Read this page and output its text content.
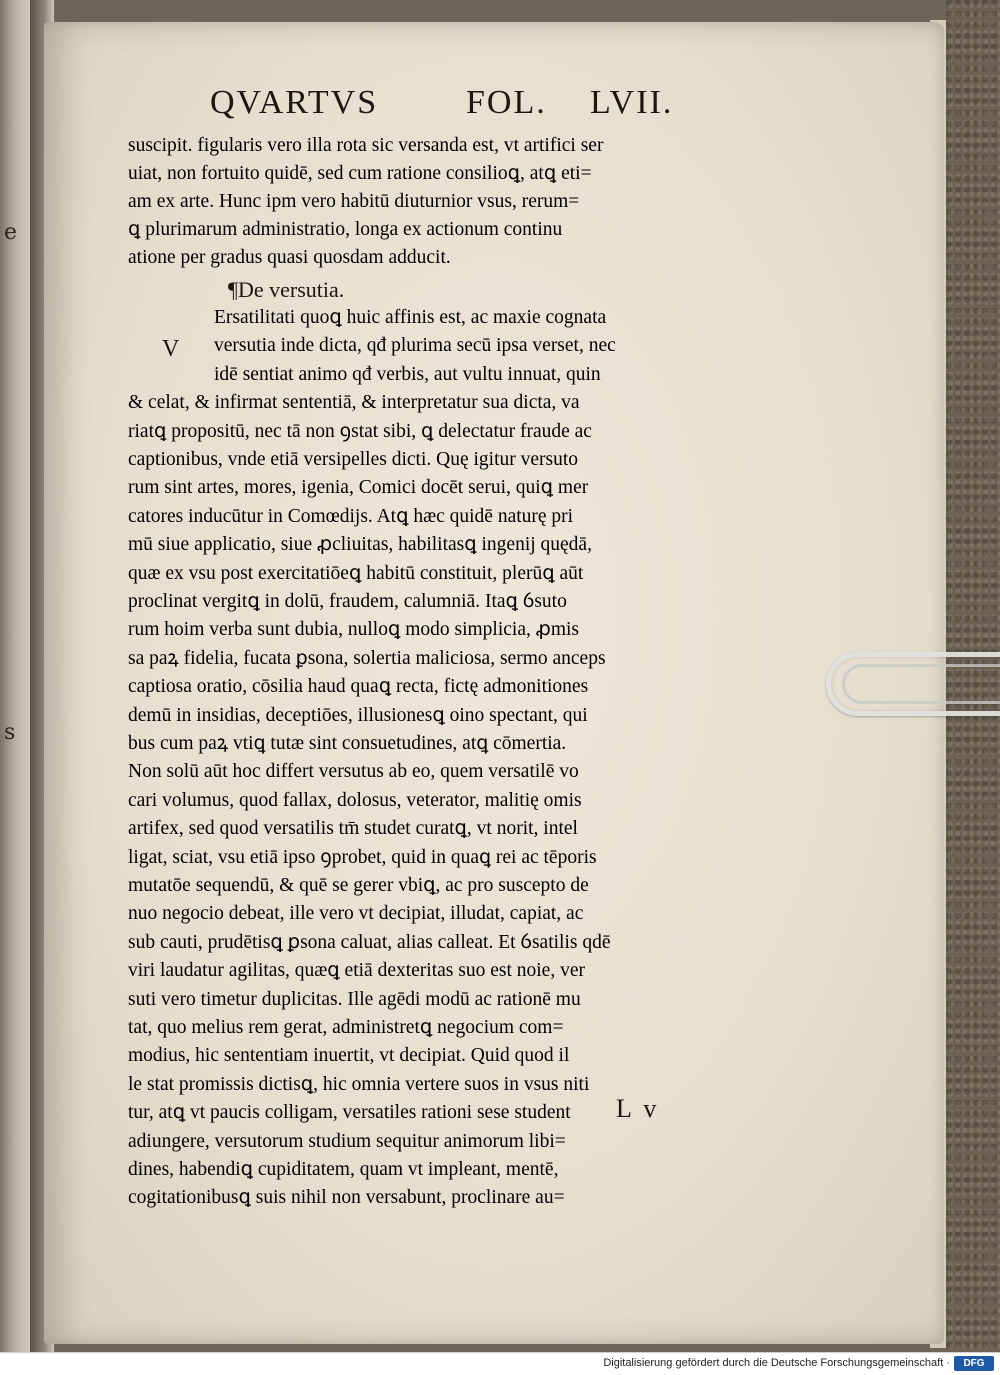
e
s
QVARTVS	FOL. LVII.
suscipit. figularis vero illa rota sic versanda est, vt artifici ser
uiat, non fortuito quidē, sed cum ratione consilioꝗ, atꝗ eti=
am ex arte. Hunc ipm vero habitū diuturnior vsus, rerum=
ꝗ plurimarum administratio, longa ex actionum continu
atione per gradus quasi quosdam adducit.
Ersatilitati quoꝗ huic affinis est, ac maxie cognata
versutia inde dicta, qđ plurima secū ipsa verset, nec
idē sentiat animo qđ verbis, aut vultu innuat, quin
& celat, & infirmat sententiā, & interpretatur sua dicta, va
riatꝗ propositū, nec tā non ꝯstat sibi, ꝗ delectatur fraude ac
captionibus, vnde etiā versipelles dicti. Quę igitur versuto
rum sint artes, mores, igenia, Comici docēt serui, quiꝗ mer
catores inducūtur in Comœdijs. Atꝗ hæc quidē naturę pri
mū siue applicatio, siue ꝓcliuitas, habilitasꝗ ingenij quędā,
quæ ex vsu post exercitatiōeꝗ habitū constituit, plerūꝗ aūt
proclinat vergitꝗ in dolū, fraudem, calumniā. Itaꝗ ỽsuto
rum hoim verba sunt dubia, nulloꝗ modo simplicia, ꝓmis
sa paꝝ fidelia, fucata ꝑsona, solertia maliciosa, sermo anceps
captiosa oratio, cōsilia haud quaꝗ recta, fictę admonitiones
demū in insidias, deceptiōes, illusionesꝗ oino spectant, qui
bus cum paꝝ vtiꝗ tutæ sint consuetudines, atꝗ cōmertia.
Non solū aūt hoc differt versutus ab eo, quem versatilē vo
cari volumus, quod fallax, dolosus, veterator, malitię omis
artifex, sed quod versatilis tm̄ studet curatꝗ, vt norit, intel
ligat, sciat, vsu etiā ipso ꝯprobet, quid in quaꝗ rei ac tēporis
mutatōe sequendū, & quē se gerer vbiꝗ, ac pro suscepto de
nuo negocio debeat, ille vero vt decipiat, illudat, capiat, ac
sub cauti, prudētisꝗ ꝑsona caluat, alias calleat. Et ỽsatilis qdē
viri laudatur agilitas, quæꝗ etiā dexteritas suo est noie, ver
suti vero timetur duplicitas. Ille agēdi modū ac rationē mu
tat, quo melius rem gerat, administretꝗ negocium com=
modius, hic sententiam inuertit, vt decipiat. Quid quod il
le stat promissis dictisꝗ, hic omnia vertere suos in vsus niti
tur, atꝗ vt paucis colligam, versatiles rationi sese student
adiungere, versutorum studium sequitur animorum libi=
dines, habendiꝗ cupiditatem, quam vt impleant, mentē,
cogitationibusꝗ suis nihil non versabunt, proclinare au=
¶De versutia.
V
L v
Digitalisierung gefördert durch die Deutsche Forschungsgemeinschaft ·	DFG
